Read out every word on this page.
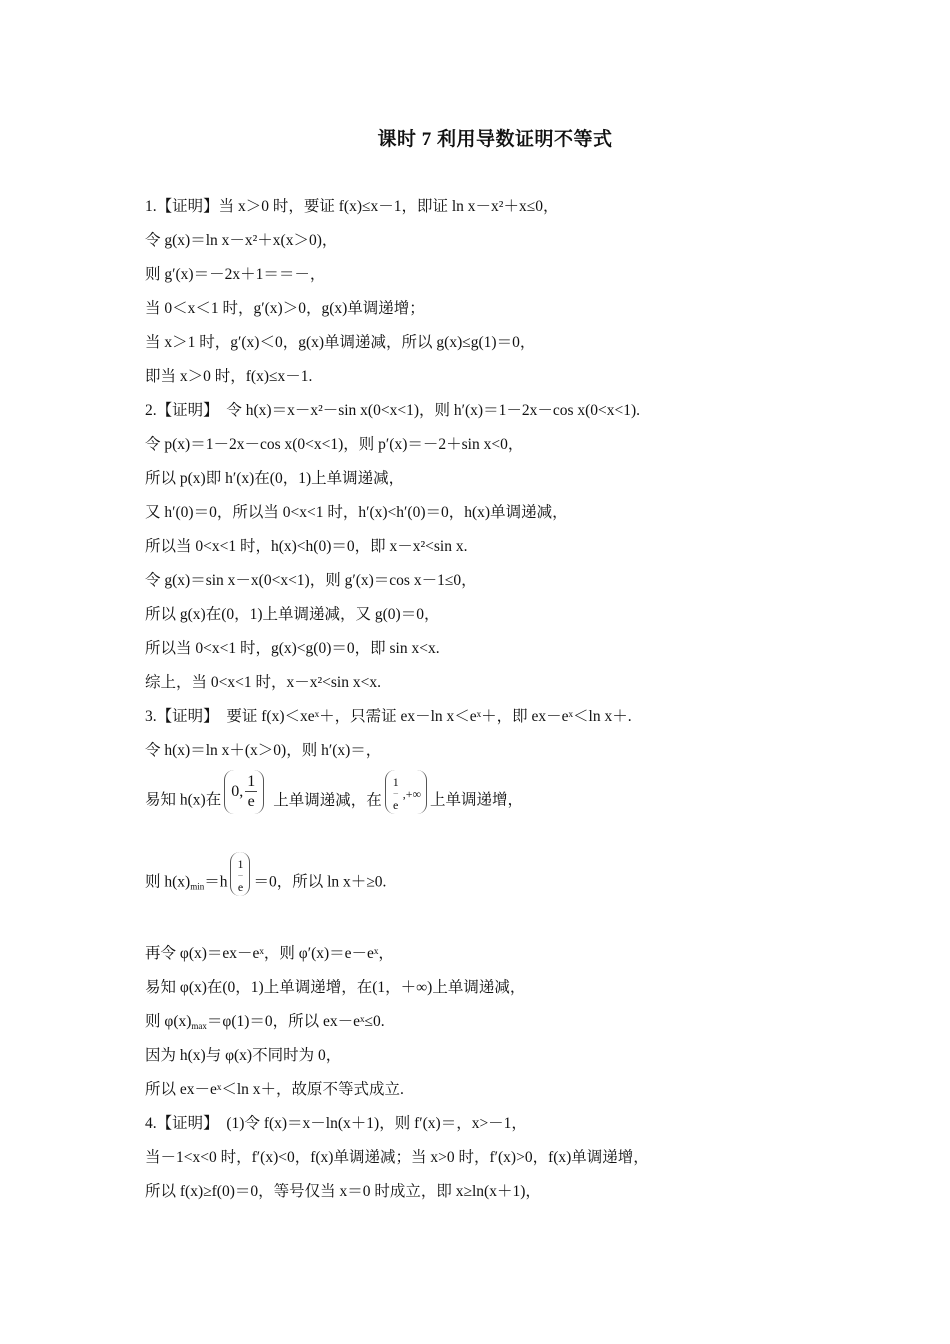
课时 7 利用导数证明不等式
1.【证明】当 x＞0 时，要证 f(x)≤x－1，即证 ln x－x²＋x≤0，
令 g(x)＝ln x－x²＋x(x＞0)，
则 g′(x)＝－2x＋1＝＝－，
当 0＜x＜1 时，g′(x)＞0，g(x)单调递增；
当 x＞1 时，g′(x)＜0，g(x)单调递减，所以 g(x)≤g(1)＝0，
即当 x＞0 时，f(x)≤x－1.
2.【证明】　令 h(x)＝x－x²－sin x(0<x<1)，则 h′(x)＝1－2x－cos x(0<x<1).
令 p(x)＝1－2x－cos x(0<x<1)，则 p′(x)＝－2＋sin x<0，
所以 p(x)即 h′(x)在(0，1)上单调递减，
又 h′(0)＝0，所以当 0<x<1 时，h′(x)<h′(0)＝0，h(x)单调递减，
所以当 0<x<1 时，h(x)<h(0)＝0，即 x－x²<sin x.
令 g(x)＝sin x－x(0<x<1)，则 g′(x)＝cos x－1≤0，
所以 g(x)在(0，1)上单调递减，又 g(0)＝0，
所以当 0<x<1 时，g(x)<g(0)＝0，即 sin x<x.
综上，当 0<x<1 时，x－x²<sin x<x.
3.【证明】　要证 f(x)＜xeˣ＋，只需证 ex－ln x＜eˣ＋，即 ex－eˣ＜ln x＋.
令 h(x)＝ln x＋(x＞0)，则 h′(x)＝，
易知 h(x)在
0, $\frac{1}{e}$ 上单调递减，在
1
–
e
,+∞ 上单调递增，
则 $h(x)_{min}=h$
1
–
e ＝0，所以 ln x＋≥0.
再令 φ(x)＝ex－eˣ，则 φ′(x)＝e－eˣ，
易知 φ(x)在(0，1)上单调递增，在(1，＋∞)上单调递减，
则 $\varphi(x)_{max}=\varphi(1)=0$，所以 ex－eˣ≤0.
因为 h(x)与 φ(x)不同时为 0，
所以 ex－eˣ＜ln x＋，故原不等式成立.
4.【证明】　(1)令 f(x)＝x－ln(x＋1)，则 f′(x)＝，x>－1，
当－1<x<0 时，f′(x)<0，f(x)单调递减；当 x>0 时，f′(x)>0，f(x)单调递增，
所以 f(x)≥f(0)＝0，等号仅当 x＝0 时成立，即 x≥ln(x＋1)，
